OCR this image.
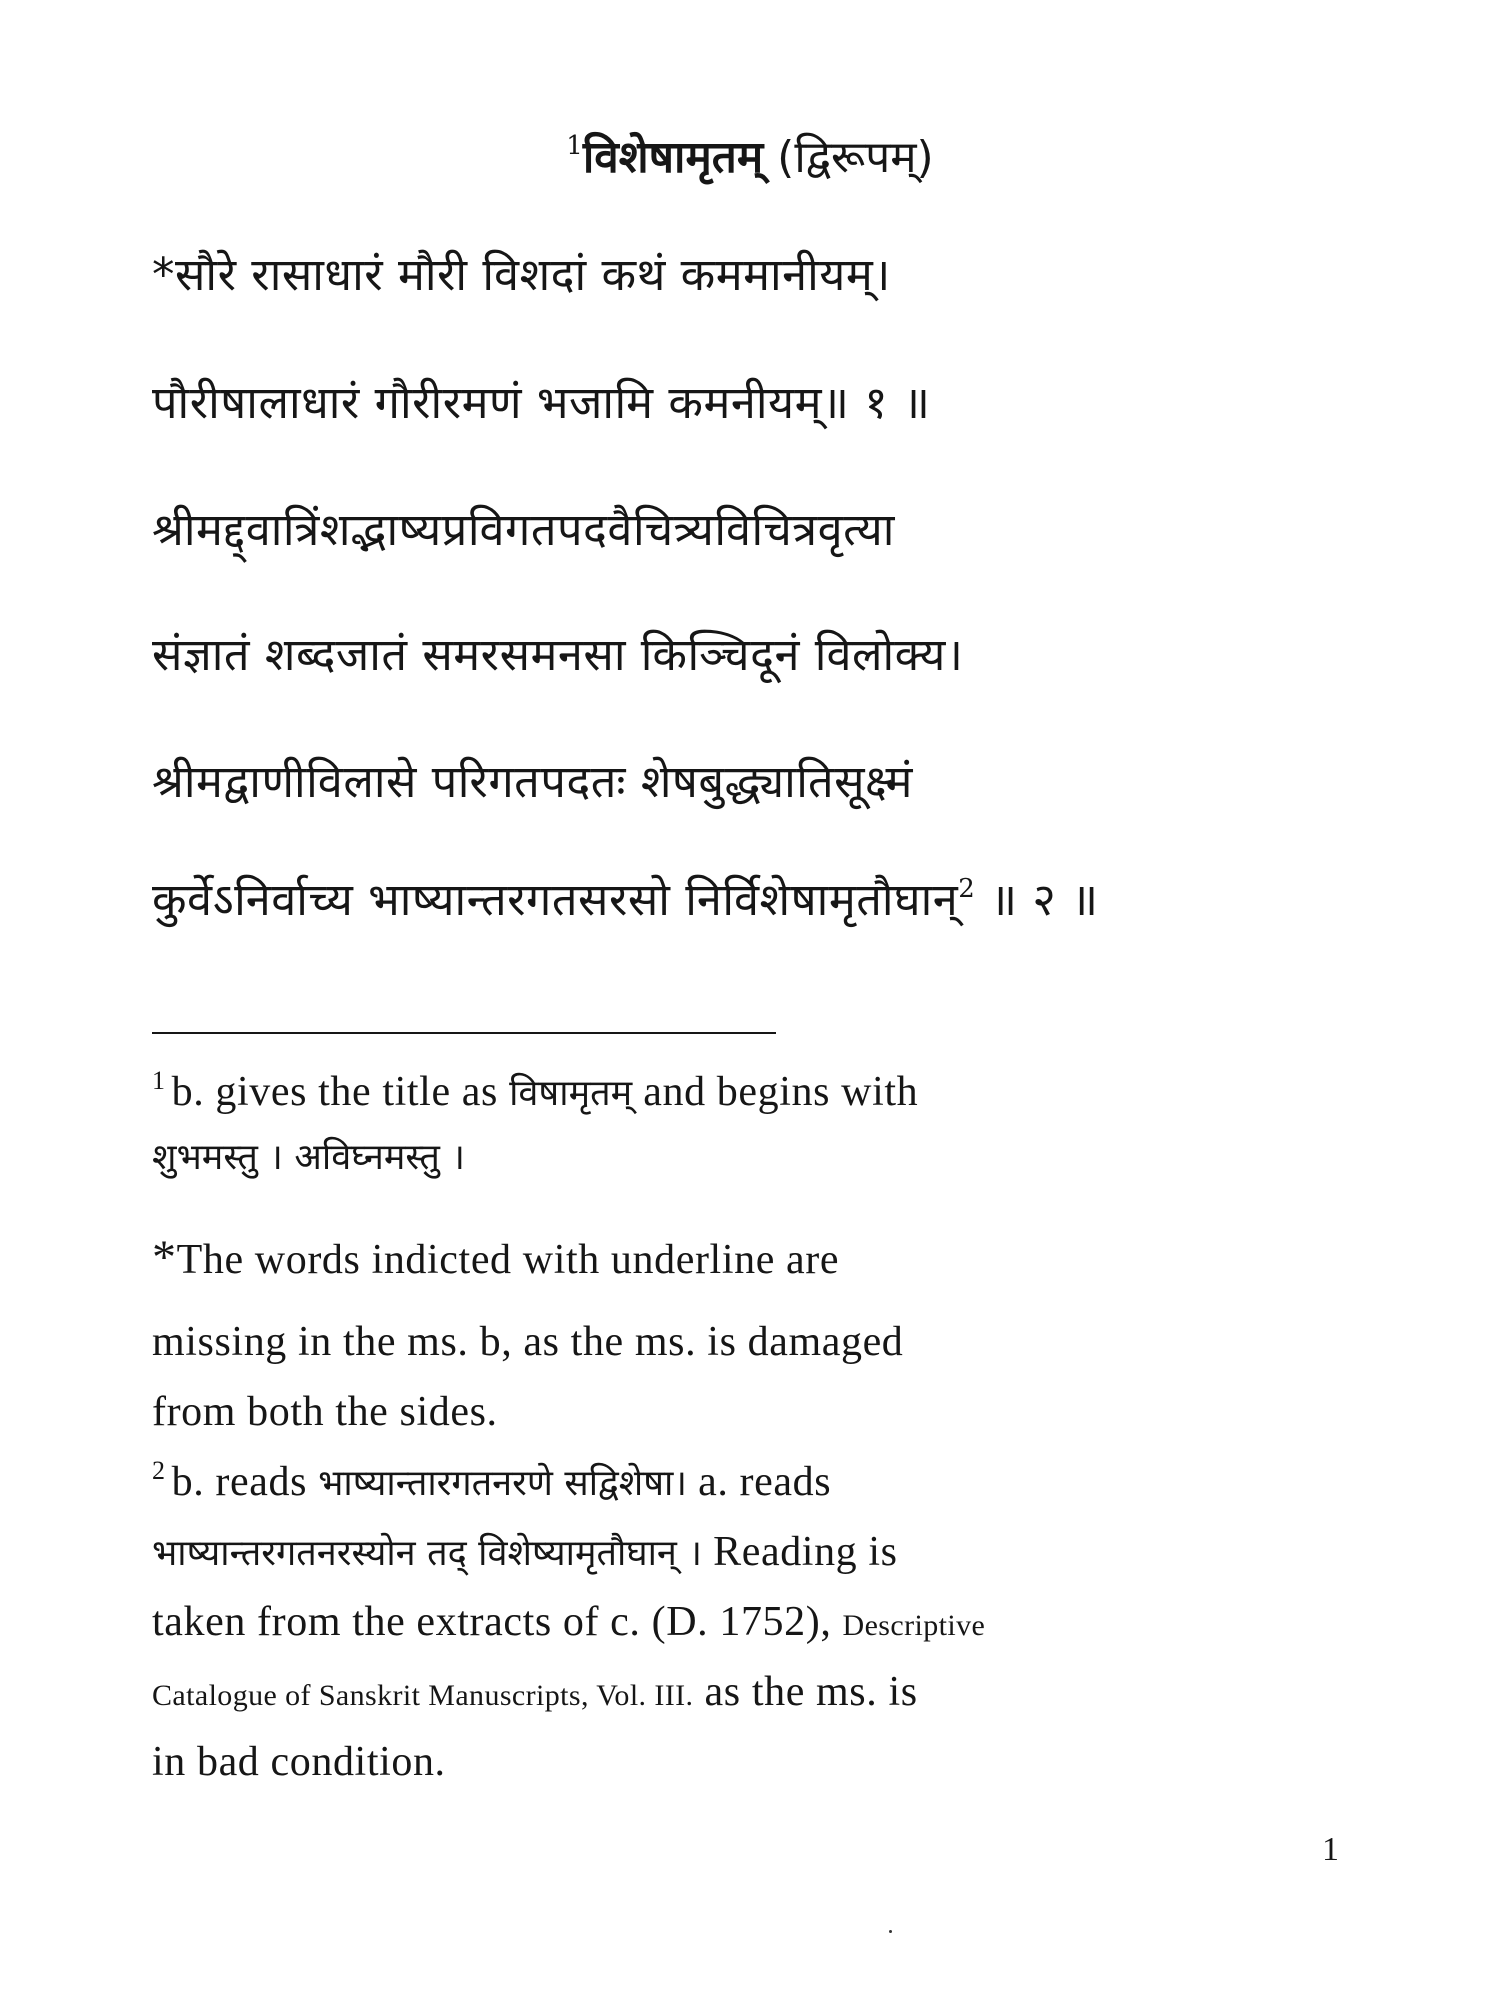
$^1$विशेषामृतम् (द्विरूपम्)
*सौरे रासाधारं मौरी विशदां कथं कममानीयम्।
पौरीषालाधारं गौरीरमणं भजामि कमनीयम्॥ १ ॥
श्रीमद्द्वात्रिंशद्भाष्यप्रविगतपदवैचित्र्यविचित्रवृत्या
संज्ञातं शब्दजातं समरसमनसा किञ्चिदूनं विलोक्य।
श्रीमद्वाणीविलासे परिगतपदतः शेषबुद्ध्यातिसूक्ष्मं
कुर्वेऽनिर्वाच्य भाष्यान्तरगतसरसो निर्विशेषामृतौघान्$^2$ ॥ २ ॥
$^1$ b. gives the title as विषामृतम् and begins with
शुभमस्तु । अविघ्नमस्तु ।
*The words indicted with underline are
missing in the ms. b, as the ms. is damaged
from both the sides.
$^2$ b. reads भाष्यान्तारगतनरणे सद्विशेषा। a. reads
भाष्यान्तरगतनरस्योन तद् विशेष्यामृतौघान् । Reading is
taken from the extracts of c. (D. 1752), Descriptive
Catalogue of Sanskrit Manuscripts, Vol. III. as the ms. is
in bad condition.
1
